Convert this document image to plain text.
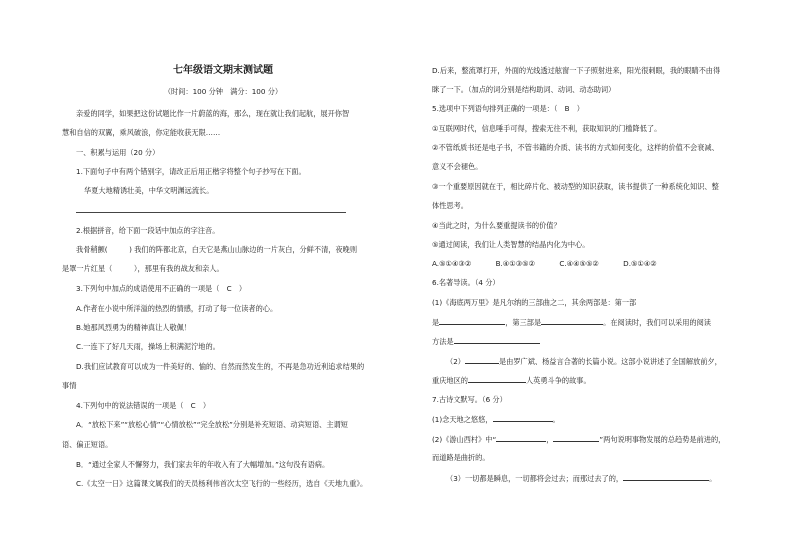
七年级语文期末测试题
（时间：100 分钟　满分：100 分）
亲爱的同学，如果把这份试题比作一片蔚蓝的海，那么，现在就让我们起航，展开你智
慧和自信的双翼，乘风破浪，你定能收获无限……
一、积累与运用（20 分）
1.下面句子中有两个错别字，请改正后用正楷字将整个句子抄写在下面。
华夏大地精诱壮美，中华文明渊远流长。
2.根据拼音，给下面一段话中加点的字注音。
我骨稍颤(　　　) 我们的阵都北京，白天它是燕山山脉边的一片灰白，分鲜不清，夜晚则
是罩一片红星（　　　），那里有我的战友和亲人。
3.下列句中加点的成语使用不正确的一项是（　C　）
A.作者在小说中所洋溢的热烈的情感，打动了每一位读者的心。
B.她那风烈勇为的精神真让人敬佩！
C.一连下了好几天雨，操场上积满泥泞地的。
D.我们应试教育可以成为一件美好的、愉的、自然而然发生的，不再是急功近利追求结果的
事情
4.下列句中的说法错误的一项是（　C　）
A．“放松下来”“放松心情”“心情放松”“完全放松”分别是补充短语、动宾短语、主谓短
语、偏正短语。
B．“通过全家人不懈努力，我们家去年的年收入有了大幅增加。”这句没有语病。
C.《太空一日》这篇课文属我们的天员杨利伟首次太空飞行的一些经历，选自《天地九重》。
D.后来，整流罩打开，外面的光线透过舷窗一下子照射进来，阳光很刺眼，我的眼睛不由得
眯了一下。（加点的词分别是结构助词、动词、动态助词）
5.选项中下列语句排列正确的一项是：（　B　）
①互联网时代，信息唾手可得，搜索无往不利，获取知识的门槛降低了。
②不管纸质书还是电子书，不管书籍的介质、读书的方式如何变化，这样的价值不会衰减、
意义不会褪色。
③一个重要原因就在于，相比碎片化、被动型的知识获取，读书提供了一种系统化知识、整
体性思考。
④当此之时，为什么要重提读书的价值？
⑤通过阅读，我们让人类智慧的结晶内化为中心。
A.⑤①④③②	B.④①③⑤②	C.④④⑤⑤②	D.⑤①④②
6.名著导读。（4 分）
(1)《海底两万里》是凡尔纳的三部曲之二，其余两部是：第一部
是	，第三部是	。在阅读时，我们可以采用的阅读
方法是
（2）	是由罗广斌、杨益言合著的长篇小说。这部小说讲述了全国解放前夕，
重庆地区的	人英勇斗争的故事。
7.古诗文默写。（6 分）
(1)念天地之悠悠，	。
(2)《游山西村》中“	，	”两句说明事物发展的总趋势是前进的，
而道路是曲折的。
（3）一切都是瞬息，一切都将会过去；而那过去了的，	。
